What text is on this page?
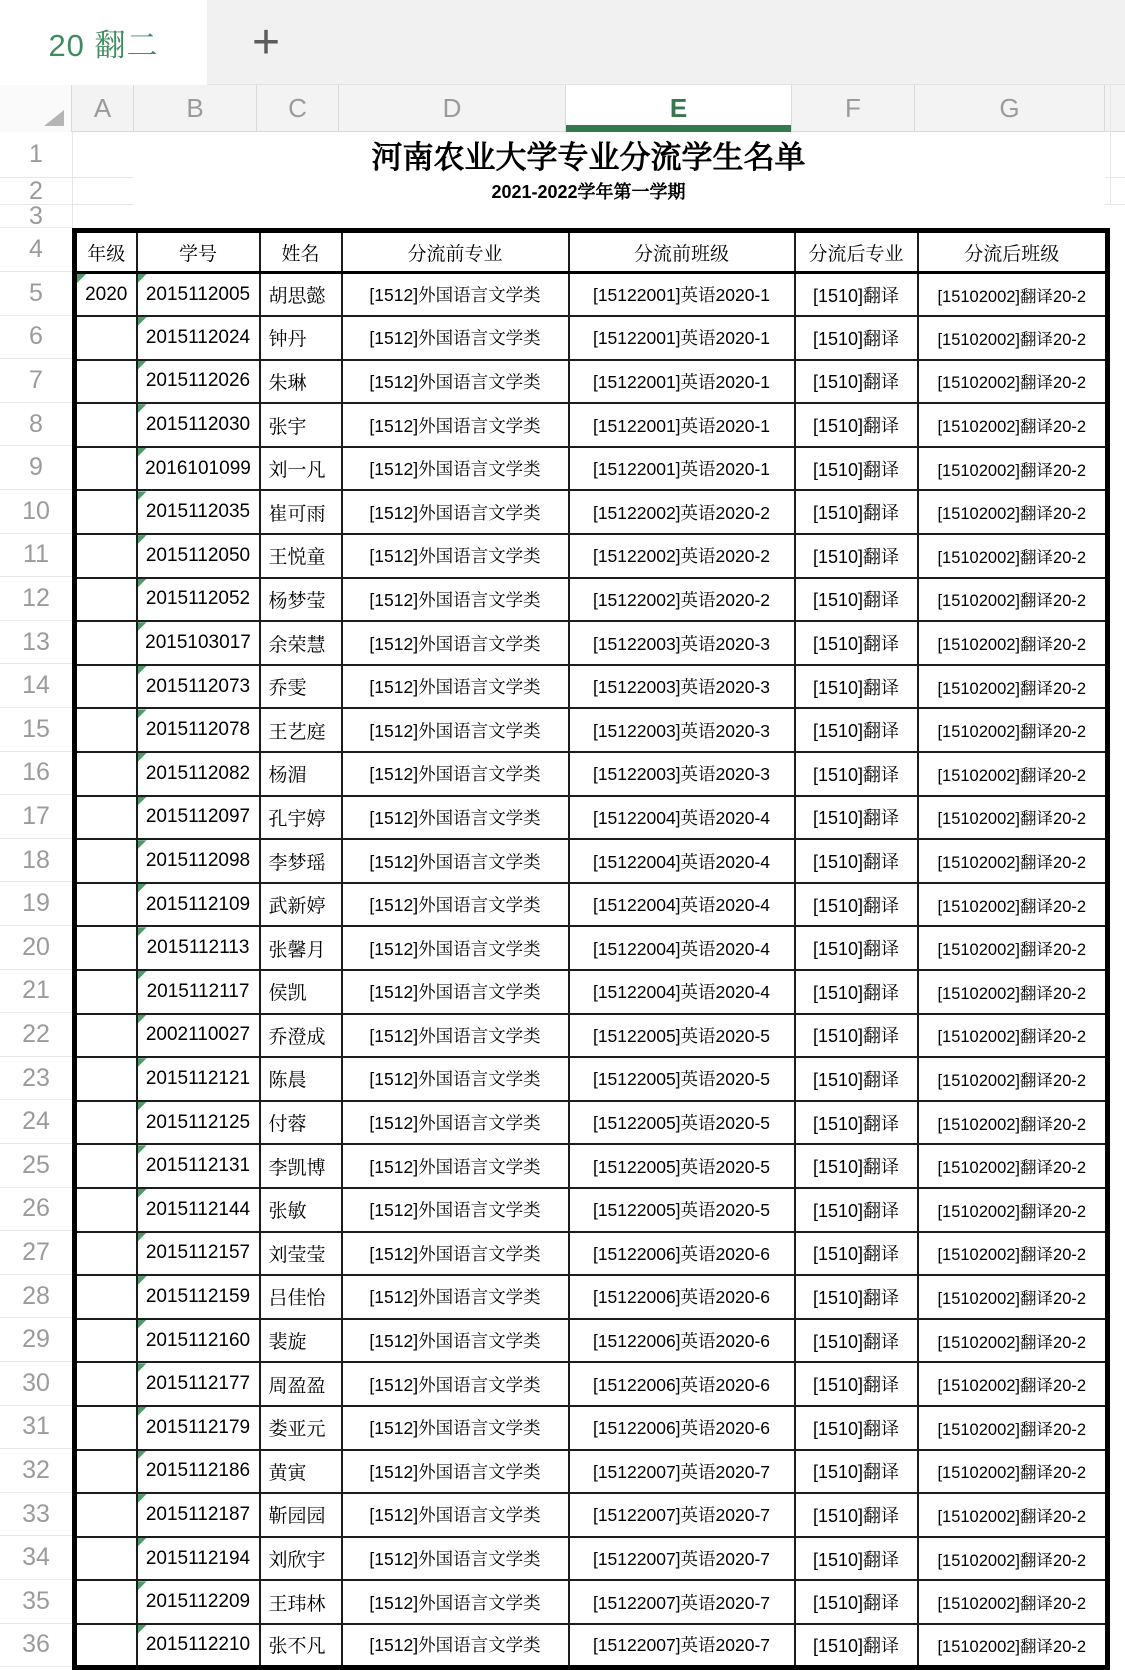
20 翻二 +
A	B	C	D	E	F	G
1
2
3
4
5
6
7
8
9
10
11
12
13
14
15
16
17
18
19
20
21
22
23
24
25
26
27
28
29
30
31
32
33
34
35
36
河南农业大学专业分流学生名单
2021-2022学年第一学期
年级	学号	姓名	分流前专业	分流前班级	分流后专业	分流后班级
2020	2015112005	胡思懿	[1512]外国语言文学类	[15122001]英语2020-1	[1510]翻译	[15102002]翻译20-2
	2015112024	钟丹	[1512]外国语言文学类	[15122001]英语2020-1	[1510]翻译	[15102002]翻译20-2
	2015112026	朱琳	[1512]外国语言文学类	[15122001]英语2020-1	[1510]翻译	[15102002]翻译20-2
	2015112030	张宇	[1512]外国语言文学类	[15122001]英语2020-1	[1510]翻译	[15102002]翻译20-2
	2016101099	刘一凡	[1512]外国语言文学类	[15122001]英语2020-1	[1510]翻译	[15102002]翻译20-2
	2015112035	崔可雨	[1512]外国语言文学类	[15122002]英语2020-2	[1510]翻译	[15102002]翻译20-2
	2015112050	王悦童	[1512]外国语言文学类	[15122002]英语2020-2	[1510]翻译	[15102002]翻译20-2
	2015112052	杨梦莹	[1512]外国语言文学类	[15122002]英语2020-2	[1510]翻译	[15102002]翻译20-2
	2015103017	余荣慧	[1512]外国语言文学类	[15122003]英语2020-3	[1510]翻译	[15102002]翻译20-2
	2015112073	乔雯	[1512]外国语言文学类	[15122003]英语2020-3	[1510]翻译	[15102002]翻译20-2
	2015112078	王艺庭	[1512]外国语言文学类	[15122003]英语2020-3	[1510]翻译	[15102002]翻译20-2
	2015112082	杨湄	[1512]外国语言文学类	[15122003]英语2020-3	[1510]翻译	[15102002]翻译20-2
	2015112097	孔宇婷	[1512]外国语言文学类	[15122004]英语2020-4	[1510]翻译	[15102002]翻译20-2
	2015112098	李梦瑶	[1512]外国语言文学类	[15122004]英语2020-4	[1510]翻译	[15102002]翻译20-2
	2015112109	武新婷	[1512]外国语言文学类	[15122004]英语2020-4	[1510]翻译	[15102002]翻译20-2
	2015112113	张馨月	[1512]外国语言文学类	[15122004]英语2020-4	[1510]翻译	[15102002]翻译20-2
	2015112117	侯凯	[1512]外国语言文学类	[15122004]英语2020-4	[1510]翻译	[15102002]翻译20-2
	2002110027	乔澄成	[1512]外国语言文学类	[15122005]英语2020-5	[1510]翻译	[15102002]翻译20-2
	2015112121	陈晨	[1512]外国语言文学类	[15122005]英语2020-5	[1510]翻译	[15102002]翻译20-2
	2015112125	付蓉	[1512]外国语言文学类	[15122005]英语2020-5	[1510]翻译	[15102002]翻译20-2
	2015112131	李凯博	[1512]外国语言文学类	[15122005]英语2020-5	[1510]翻译	[15102002]翻译20-2
	2015112144	张敏	[1512]外国语言文学类	[15122005]英语2020-5	[1510]翻译	[15102002]翻译20-2
	2015112157	刘莹莹	[1512]外国语言文学类	[15122006]英语2020-6	[1510]翻译	[15102002]翻译20-2
	2015112159	吕佳怡	[1512]外国语言文学类	[15122006]英语2020-6	[1510]翻译	[15102002]翻译20-2
	2015112160	裴旋	[1512]外国语言文学类	[15122006]英语2020-6	[1510]翻译	[15102002]翻译20-2
	2015112177	周盈盈	[1512]外国语言文学类	[15122006]英语2020-6	[1510]翻译	[15102002]翻译20-2
	2015112179	娄亚元	[1512]外国语言文学类	[15122006]英语2020-6	[1510]翻译	[15102002]翻译20-2
	2015112186	黄寅	[1512]外国语言文学类	[15122007]英语2020-7	[1510]翻译	[15102002]翻译20-2
	2015112187	靳园园	[1512]外国语言文学类	[15122007]英语2020-7	[1510]翻译	[15102002]翻译20-2
	2015112194	刘欣宇	[1512]外国语言文学类	[15122007]英语2020-7	[1510]翻译	[15102002]翻译20-2
	2015112209	王玮林	[1512]外国语言文学类	[15122007]英语2020-7	[1510]翻译	[15102002]翻译20-2
	2015112210	张不凡	[1512]外国语言文学类	[15122007]英语2020-7	[1510]翻译	[15102002]翻译20-2
